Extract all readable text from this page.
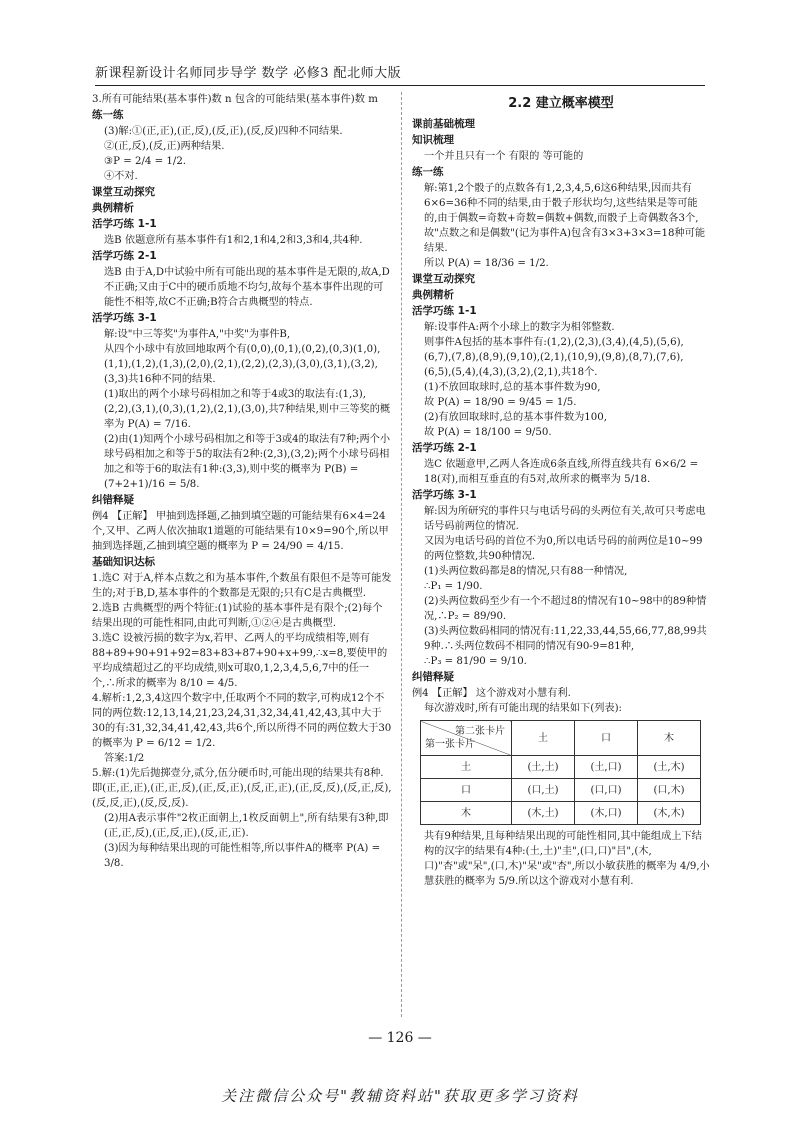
新课程新设计名师同步导学 数学 必修3 配北师大版

3.所有可能结果(基本事件)数 n 包含的可能结果(基本事件)数 m

练一练

(3)解:①(正,正),(正,反),(反,正),(反,反)四种不同结果.

②(正,反),(反,正)两种结果.

③P = 2/4 = 1/2.

④不对.

课堂互动探究

典例精析

活学巧练 1-1

选B 依题意所有基本事件有1和2,1和4,2和3,3和4,共4种.

活学巧练 2-1

选B 由于A,D中试验中所有可能出现的基本事件是无限的,故A,D不正确;又由于C中的硬币质地不均匀,故每个基本事件出现的可能性不相等,故C不正确;B符合古典概型的特点.

活学巧练 3-1

解:设"中三等奖"为事件A,"中奖"为事件B,

从四个小球中有放回地取两个有(0,0),(0,1),(0,2),(0,3)(1,0),(1,1),(1,2),(1,3),(2,0),(2,1),(2,2),(2,3),(3,0),(3,1),(3,2),(3,3)共16种不同的结果.

(1)取出的两个小球号码相加之和等于4或3的取法有:(1,3),(2,2),(3,1),(0,3),(1,2),(2,1),(3,0),共7种结果,则中三等奖的概率为 P(A) = 7/16.

(2)由(1)知两个小球号码相加之和等于3或4的取法有7种;两个小球号码相加之和等于5的取法有2种:(2,3),(3,2);两个小球号码相加之和等于6的取法有1种:(3,3),则中奖的概率为 P(B) = (7+2+1)/16 = 5/8.

纠错释疑

例4 【正解】 甲抽到选择题,乙抽到填空题的可能结果有6×4=24个,又甲、乙两人依次抽取1道题的可能结果有10×9=90个,所以甲抽到选择题,乙抽到填空题的概率为 P = 24/90 = 4/15.

基础知识达标

1.选C 对于A,样本点数之和为基本事件,个数虽有限但不是等可能发生的;对于B,D,基本事件的个数都是无限的;只有C是古典概型.

2.选B 古典概型的两个特征:(1)试验的基本事件是有限个;(2)每个结果出现的可能性相同,由此可判断,①②④是古典概型.

3.选C 设被污损的数字为x,若甲、乙两人的平均成绩相等,则有 88+89+90+91+92=83+83+87+90+x+99,∴x=8,要使甲的平均成绩超过乙的平均成绩,则x可取0,1,2,3,4,5,6,7中的任一个,∴所求的概率为 8/10 = 4/5.

4.解析:1,2,3,4这四个数字中,任取两个不同的数字,可构成12个不同的两位数:12,13,14,21,23,24,31,32,34,41,42,43,其中大于30的有:31,32,34,41,42,43,共6个,所以所得不同的两位数大于30的概率为 P = 6/12 = 1/2.

答案:1/2

5.解:(1)先后抛掷壹分,贰分,伍分硬币时,可能出现的结果共有8种.即(正,正,正),(正,正,反),(正,反,正),(反,正,正),(正,反,反),(反,正,反),(反,反,正),(反,反,反).

(2)用A表示事件"2枚正面朝上,1枚反面朝上",所有结果有3种,即(正,正,反),(正,反,正),(反,正,正).

(3)因为每种结果出现的可能性相等,所以事件A的概率 P(A) = 3/8.

2.2 建立概率模型

课前基础梳理

知识梳理

一个并且只有一个 有限的 等可能的

练一练

解:第1,2个骰子的点数各有1,2,3,4,5,6这6种结果,因而共有6×6=36种不同的结果,由于骰子形状均匀,这些结果是等可能的,由于偶数=奇数+奇数=偶数+偶数,而骰子上奇偶数各3个,故"点数之和是偶数"(记为事件A)包含有3×3+3×3=18种可能结果.

所以 P(A) = 18/36 = 1/2.

课堂互动探究

典例精析

活学巧练 1-1

解:设事件A:两个小球上的数字为相邻整数.

则事件A包括的基本事件有:(1,2),(2,3),(3,4),(4,5),(5,6),(6,7),(7,8),(8,9),(9,10),(2,1),(10,9),(9,8),(8,7),(7,6),(6,5),(5,4),(4,3),(3,2),(2,1),共18个.

(1)不放回取球时,总的基本事件数为90,

故 P(A) = 18/90 = 9/45 = 1/5.

(2)有放回取球时,总的基本事件数为100,

故 P(A) = 18/100 = 9/50.

活学巧练 2-1

选C 依题意甲,乙两人各连成6条直线,所得直线共有 6×6/2 = 18(对),而相互垂直的有5对,故所求的概率为 5/18.

活学巧练 3-1

解:因为所研究的事件只与电话号码的头两位有关,故可只考虑电话号码前两位的情况.

又因为电话号码的首位不为0,所以电话号码的前两位是10~99的两位整数,共90种情况.

(1)头两位数码都是8的情况,只有88一种情况,

∴P₁ = 1/90.

(2)头两位数码至少有一个不超过8的情况有10~98中的89种情况,∴P₂ = 89/90.

(3)头两位数码相同的情况有:11,22,33,44,55,66,77,88,99共9种.∴头两位数码不相同的情况有90-9=81种,

∴P₃ = 81/90 = 9/10.

纠错释疑

例4 【正解】 这个游戏对小慧有利.

每次游戏时,所有可能出现的结果如下(列表):

第二张卡片
第一张卡片	土	口	木
土	(土,土)	(土,口)	(土,木)
口	(口,土)	(口,口)	(口,木)
木	(木,土)	(木,口)	(木,木)

共有9种结果,且每种结果出现的可能性相同,其中能组成上下结构的汉字的结果有4种:(土,土)"圭",(口,口)"吕",(木,口)"杏"或"呆",(口,木)"呆"或"杏",所以小敏获胜的概率为 4/9,小慧获胜的概率为 5/9.所以这个游戏对小慧有利.

— 126 —
关注微信公众号"教辅资料站"获取更多学习资料
